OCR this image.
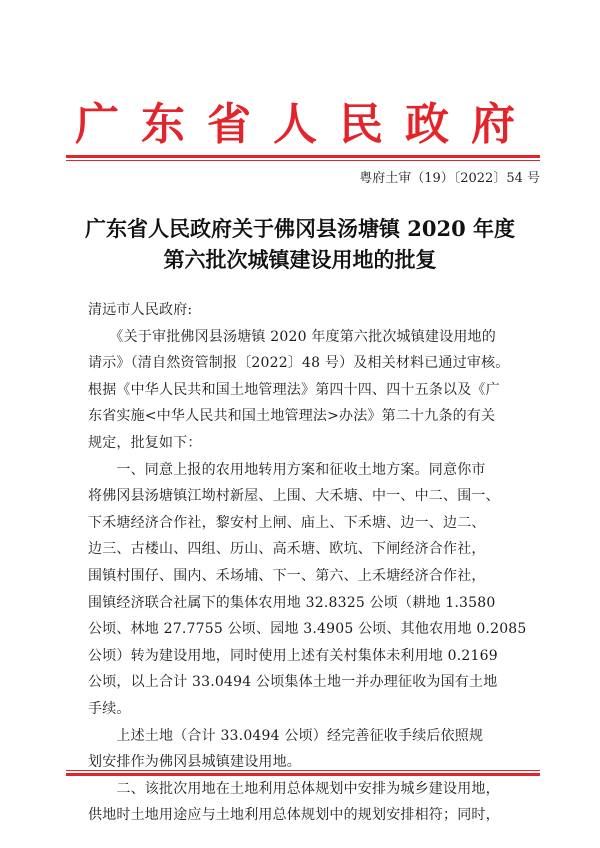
广东省人民政府
粤府土审（19）〔2022〕54 号
广东省人民政府关于佛冈县汤塘镇 2020 年度
第六批次城镇建设用地的批复
清远市人民政府:
　　《关于审批佛冈县汤塘镇 2020 年度第六批次城镇建设用地的
请示》（清自然资管制报〔2022〕48 号）及相关材料已通过审核。
根据《中华人民共和国土地管理法》第四十四、四十五条以及《广
东省实施<中华人民共和国土地管理法>办法》第二十九条的有关
规定，批复如下：
　　一、同意上报的农用地转用方案和征收土地方案。同意你市
将佛冈县汤塘镇江坳村新屋、上围、大禾塘、中一、中二、围一、
下禾塘经济合作社，黎安村上闸、庙上、下禾塘、边一、边二、
边三、古楼山、四组、历山、高禾塘、欧坑、下闸经济合作社，
围镇村围仔、围内、禾场埔、下一、第六、上禾塘经济合作社，
围镇经济联合社属下的集体农用地 32.8325 公顷（耕地 1.3580
公顷、林地 27.7755 公顷、园地 3.4905 公顷、其他农用地 0.2085
公顷）转为建设用地，同时使用上述有关村集体未利用地 0.2169
公顷，以上合计 33.0494 公顷集体土地一并办理征收为国有土地
手续。
　　上述土地（合计 33.0494 公顷）经完善征收手续后依照规
划安排作为佛冈县城镇建设用地。
　　二、该批次用地在土地利用总体规划中安排为城乡建设用地，
供地时土地用途应与土地利用总体规划中的规划安排相符；同时，
